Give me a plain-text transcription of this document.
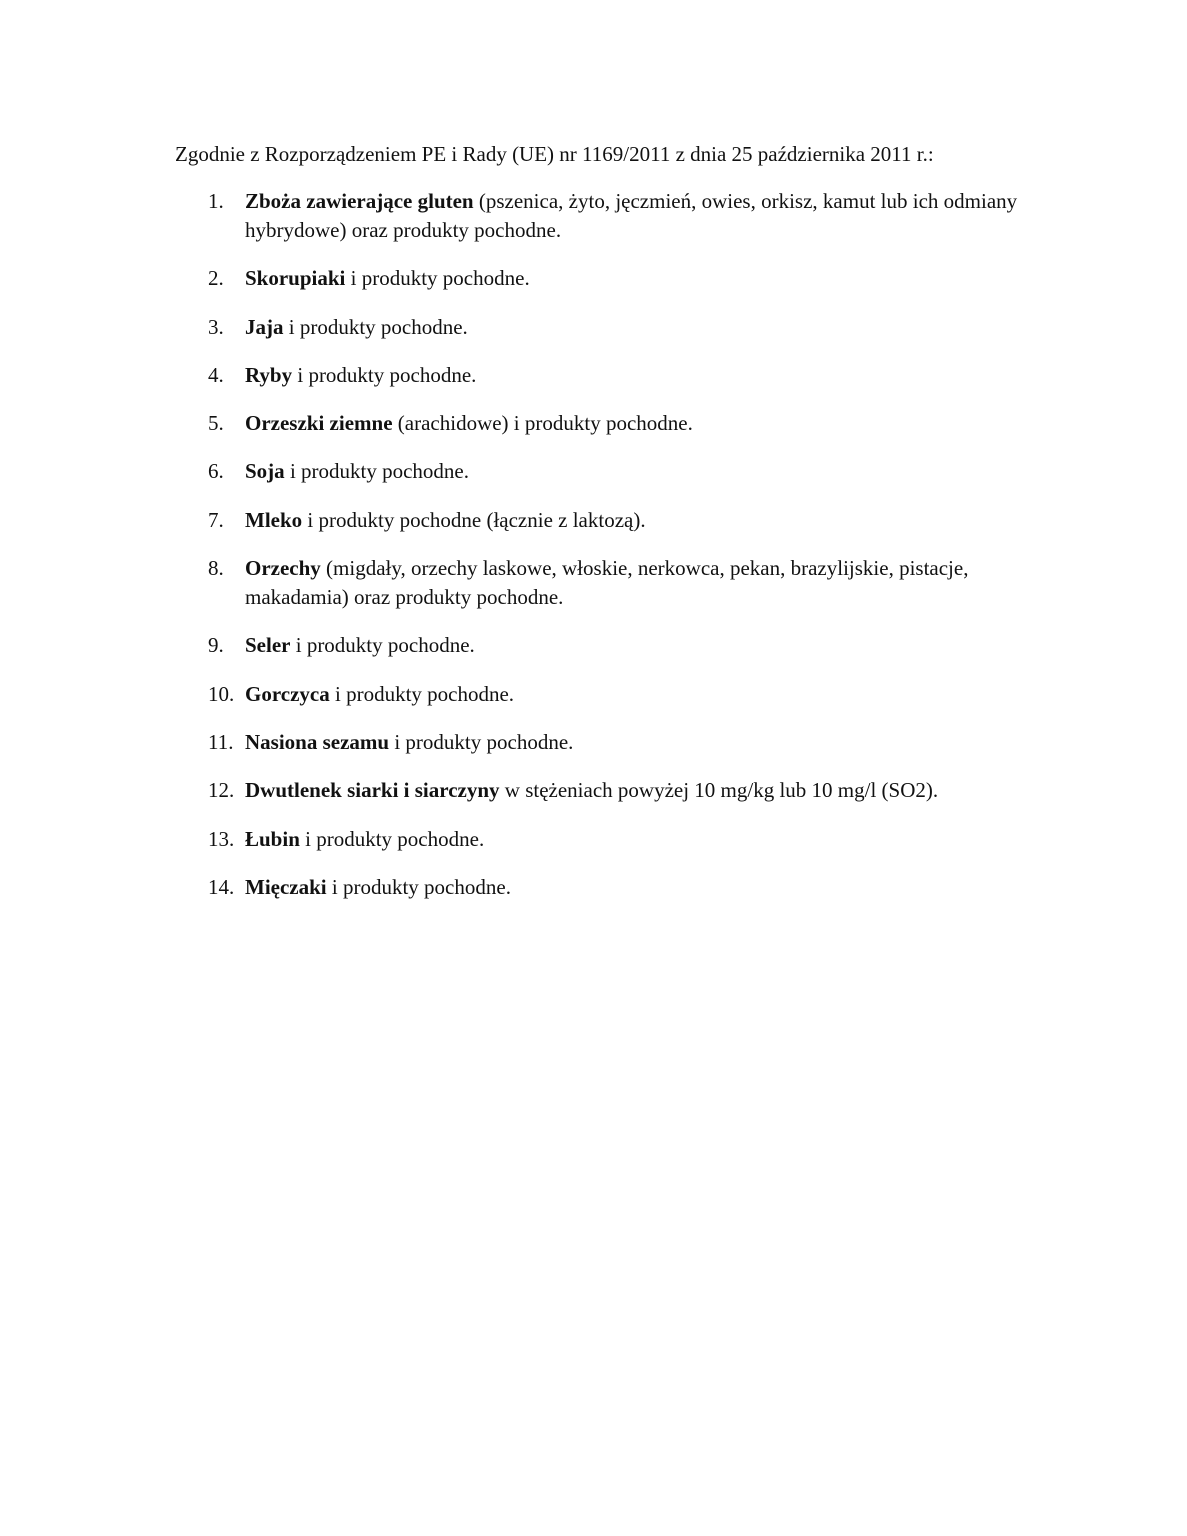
Zgodnie z Rozporządzeniem PE i Rady (UE) nr 1169/2011 z dnia 25 października 2011 r.:
1.	Zboża zawierające gluten (pszenica, żyto, jęczmień, owies, orkisz, kamut lub ich odmiany hybrydowe) oraz produkty pochodne.
2.	Skorupiaki i produkty pochodne.
3.	Jaja i produkty pochodne.
4.	Ryby i produkty pochodne.
5.	Orzeszki ziemne (arachidowe) i produkty pochodne.
6.	Soja i produkty pochodne.
7.	Mleko i produkty pochodne (łącznie z laktozą).
8.	Orzechy (migdały, orzechy laskowe, włoskie, nerkowca, pekan, brazylijskie, pistacje, makadamia) oraz produkty pochodne.
9.	Seler i produkty pochodne.
10. Gorczyca i produkty pochodne.
11. Nasiona sezamu i produkty pochodne.
12. Dwutlenek siarki i siarczyny w stężeniach powyżej 10 mg/kg lub 10 mg/l (SO2).
13. Łubin i produkty pochodne.
14. Mięczaki i produkty pochodne.
